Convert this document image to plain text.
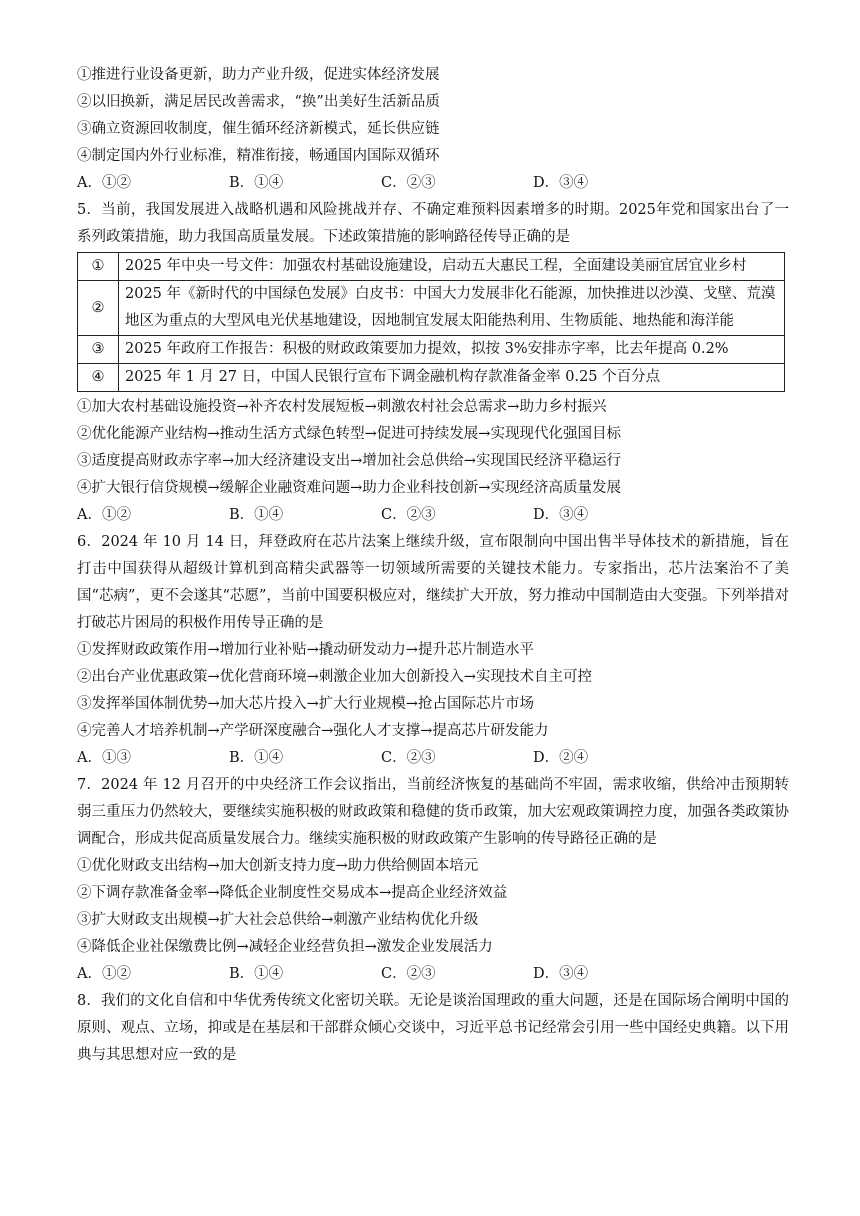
①推进行业设备更新，助力产业升级，促进实体经济发展
②以旧换新，满足居民改善需求，“换”出美好生活新品质
③确立资源回收制度，催生循环经济新模式，延长供应链
④制定国内外行业标准，精准衔接，畅通国内国际双循环
A．①②	B．①④	C．②③	D．③④
5．当前，我国发展进入战略机遇和风险挑战并存、不确定难预料因素增多的时期。2025年党和国家出台了一系列政策措施，助力我国高质量发展。下述政策措施的影响路径传导正确的是
①	2025 年中央一号文件：加强农村基础设施建设，启动五大惠民工程，全面建设美丽宜居宜业乡村
②	2025 年《新时代的中国绿色发展》白皮书：中国大力发展非化石能源，加快推进以沙漠、戈壁、荒漠地区为重点的大型风电光伏基地建设，因地制宜发展太阳能热利用、生物质能、地热能和海洋能
③	2025 年政府工作报告：积极的财政政策要加力提效，拟按 3%安排赤字率，比去年提高 0.2%
④	2025 年 1 月 27 日，中国人民银行宣布下调金融机构存款准备金率 0.25 个百分点
①加大农村基础设施投资→补齐农村发展短板→刺激农村社会总需求→助力乡村振兴
②优化能源产业结构→推动生活方式绿色转型→促进可持续发展→实现现代化强国目标
③适度提高财政赤字率→加大经济建设支出→增加社会总供给→实现国民经济平稳运行
④扩大银行信贷规模→缓解企业融资难问题→助力企业科技创新→实现经济高质量发展
A．①②	B．①④	C．②③	D．③④
6．2024 年 10 月 14 日，拜登政府在芯片法案上继续升级，宣布限制向中国出售半导体技术的新措施，旨在打击中国获得从超级计算机到高精尖武器等一切领域所需要的关键技术能力。专家指出，芯片法案治不了美国“芯病”，更不会遂其“芯愿”，当前中国要积极应对，继续扩大开放，努力推动中国制造由大变强。下列举措对打破芯片困局的积极作用传导正确的是
①发挥财政政策作用→增加行业补贴→撬动研发动力→提升芯片制造水平
②出台产业优惠政策→优化营商环境→刺激企业加大创新投入→实现技术自主可控
③发挥举国体制优势→加大芯片投入→扩大行业规模→抢占国际芯片市场
④完善人才培养机制→产学研深度融合→强化人才支撑→提高芯片研发能力
A．①③	B．①④	C．②③	D．②④
7．2024 年 12 月召开的中央经济工作会议指出，当前经济恢复的基础尚不牢固，需求收缩，供给冲击预期转弱三重压力仍然较大，要继续实施积极的财政政策和稳健的货币政策，加大宏观政策调控力度，加强各类政策协调配合，形成共促高质量发展合力。继续实施积极的财政政策产生影响的传导路径正确的是
①优化财政支出结构→加大创新支持力度→助力供给侧固本培元
②下调存款准备金率→降低企业制度性交易成本→提高企业经济效益
③扩大财政支出规模→扩大社会总供给→刺激产业结构优化升级
④降低企业社保缴费比例→减轻企业经营负担→激发企业发展活力
A．①②	B．①④	C．②③	D．③④
8．我们的文化自信和中华优秀传统文化密切关联。无论是谈治国理政的重大问题，还是在国际场合阐明中国的原则、观点、立场，抑或是在基层和干部群众倾心交谈中，习近平总书记经常会引用一些中国经史典籍。以下用典与其思想对应一致的是
